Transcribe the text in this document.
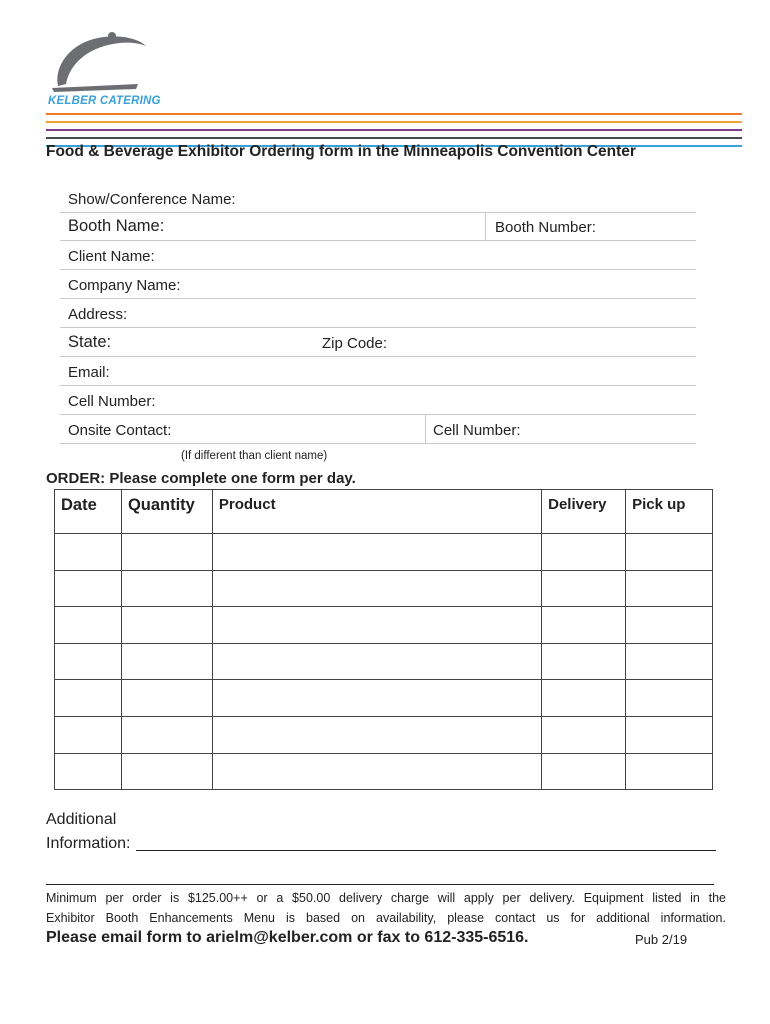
KELBER CATERING
Food & Beverage Exhibitor Ordering form in the Minneapolis Convention Center
Show/Conference Name:
Booth Name:	Booth Number:
Client Name:
Company Name:
Address:
State:	Zip Code:
Email:
Cell Number:
Onsite Contact:	Cell Number:
(If different than client name)
ORDER: Please complete one form per day.
Date	Quantity	Product	Delivery	Pick up

Additional
Information:
Minimum per order is $125.00++ or a $50.00 delivery charge will apply per delivery. Equipment listed in the
Exhibitor Booth Enhancements Menu is based on availability, please contact us for additional information.
Please email form to arielm@kelber.com or fax to 612-335-6516.	Pub 2/19
